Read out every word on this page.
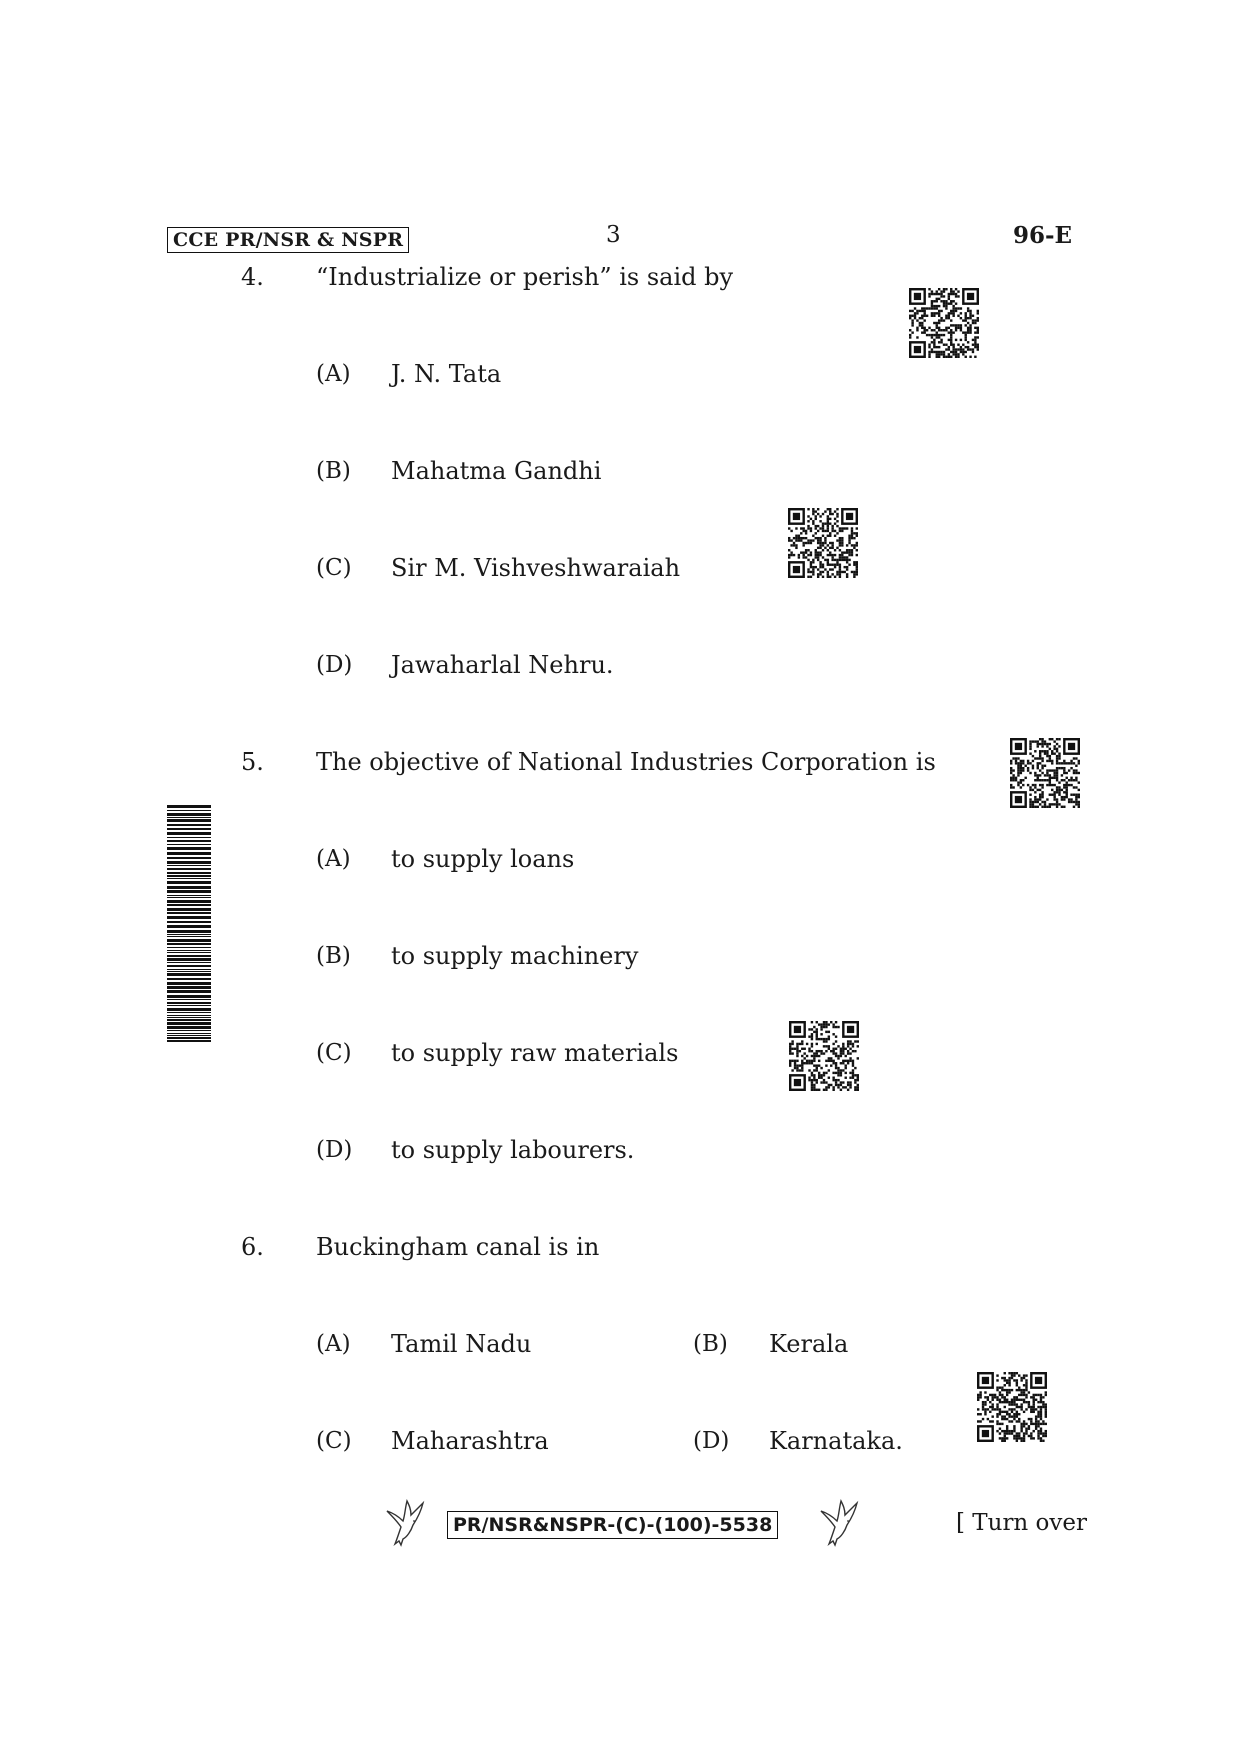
CCE PR/NSR & NSPR	3	96-E
4. “Industrialize or perish” is said by
(A) J. N. Tata
(B) Mahatma Gandhi
(C) Sir M. Vishveshwaraiah
(D) Jawaharlal Nehru.
5. The objective of National Industries Corporation is
(A) to supply loans
(B) to supply machinery
(C) to supply raw materials
(D) to supply labourers.
6. Buckingham canal is in
(A) Tamil Nadu	(B) Kerala
(C) Maharashtra	(D) Karnataka.
PR/NSR&NSPR-(C)-(100)-5538	[ Turn over
